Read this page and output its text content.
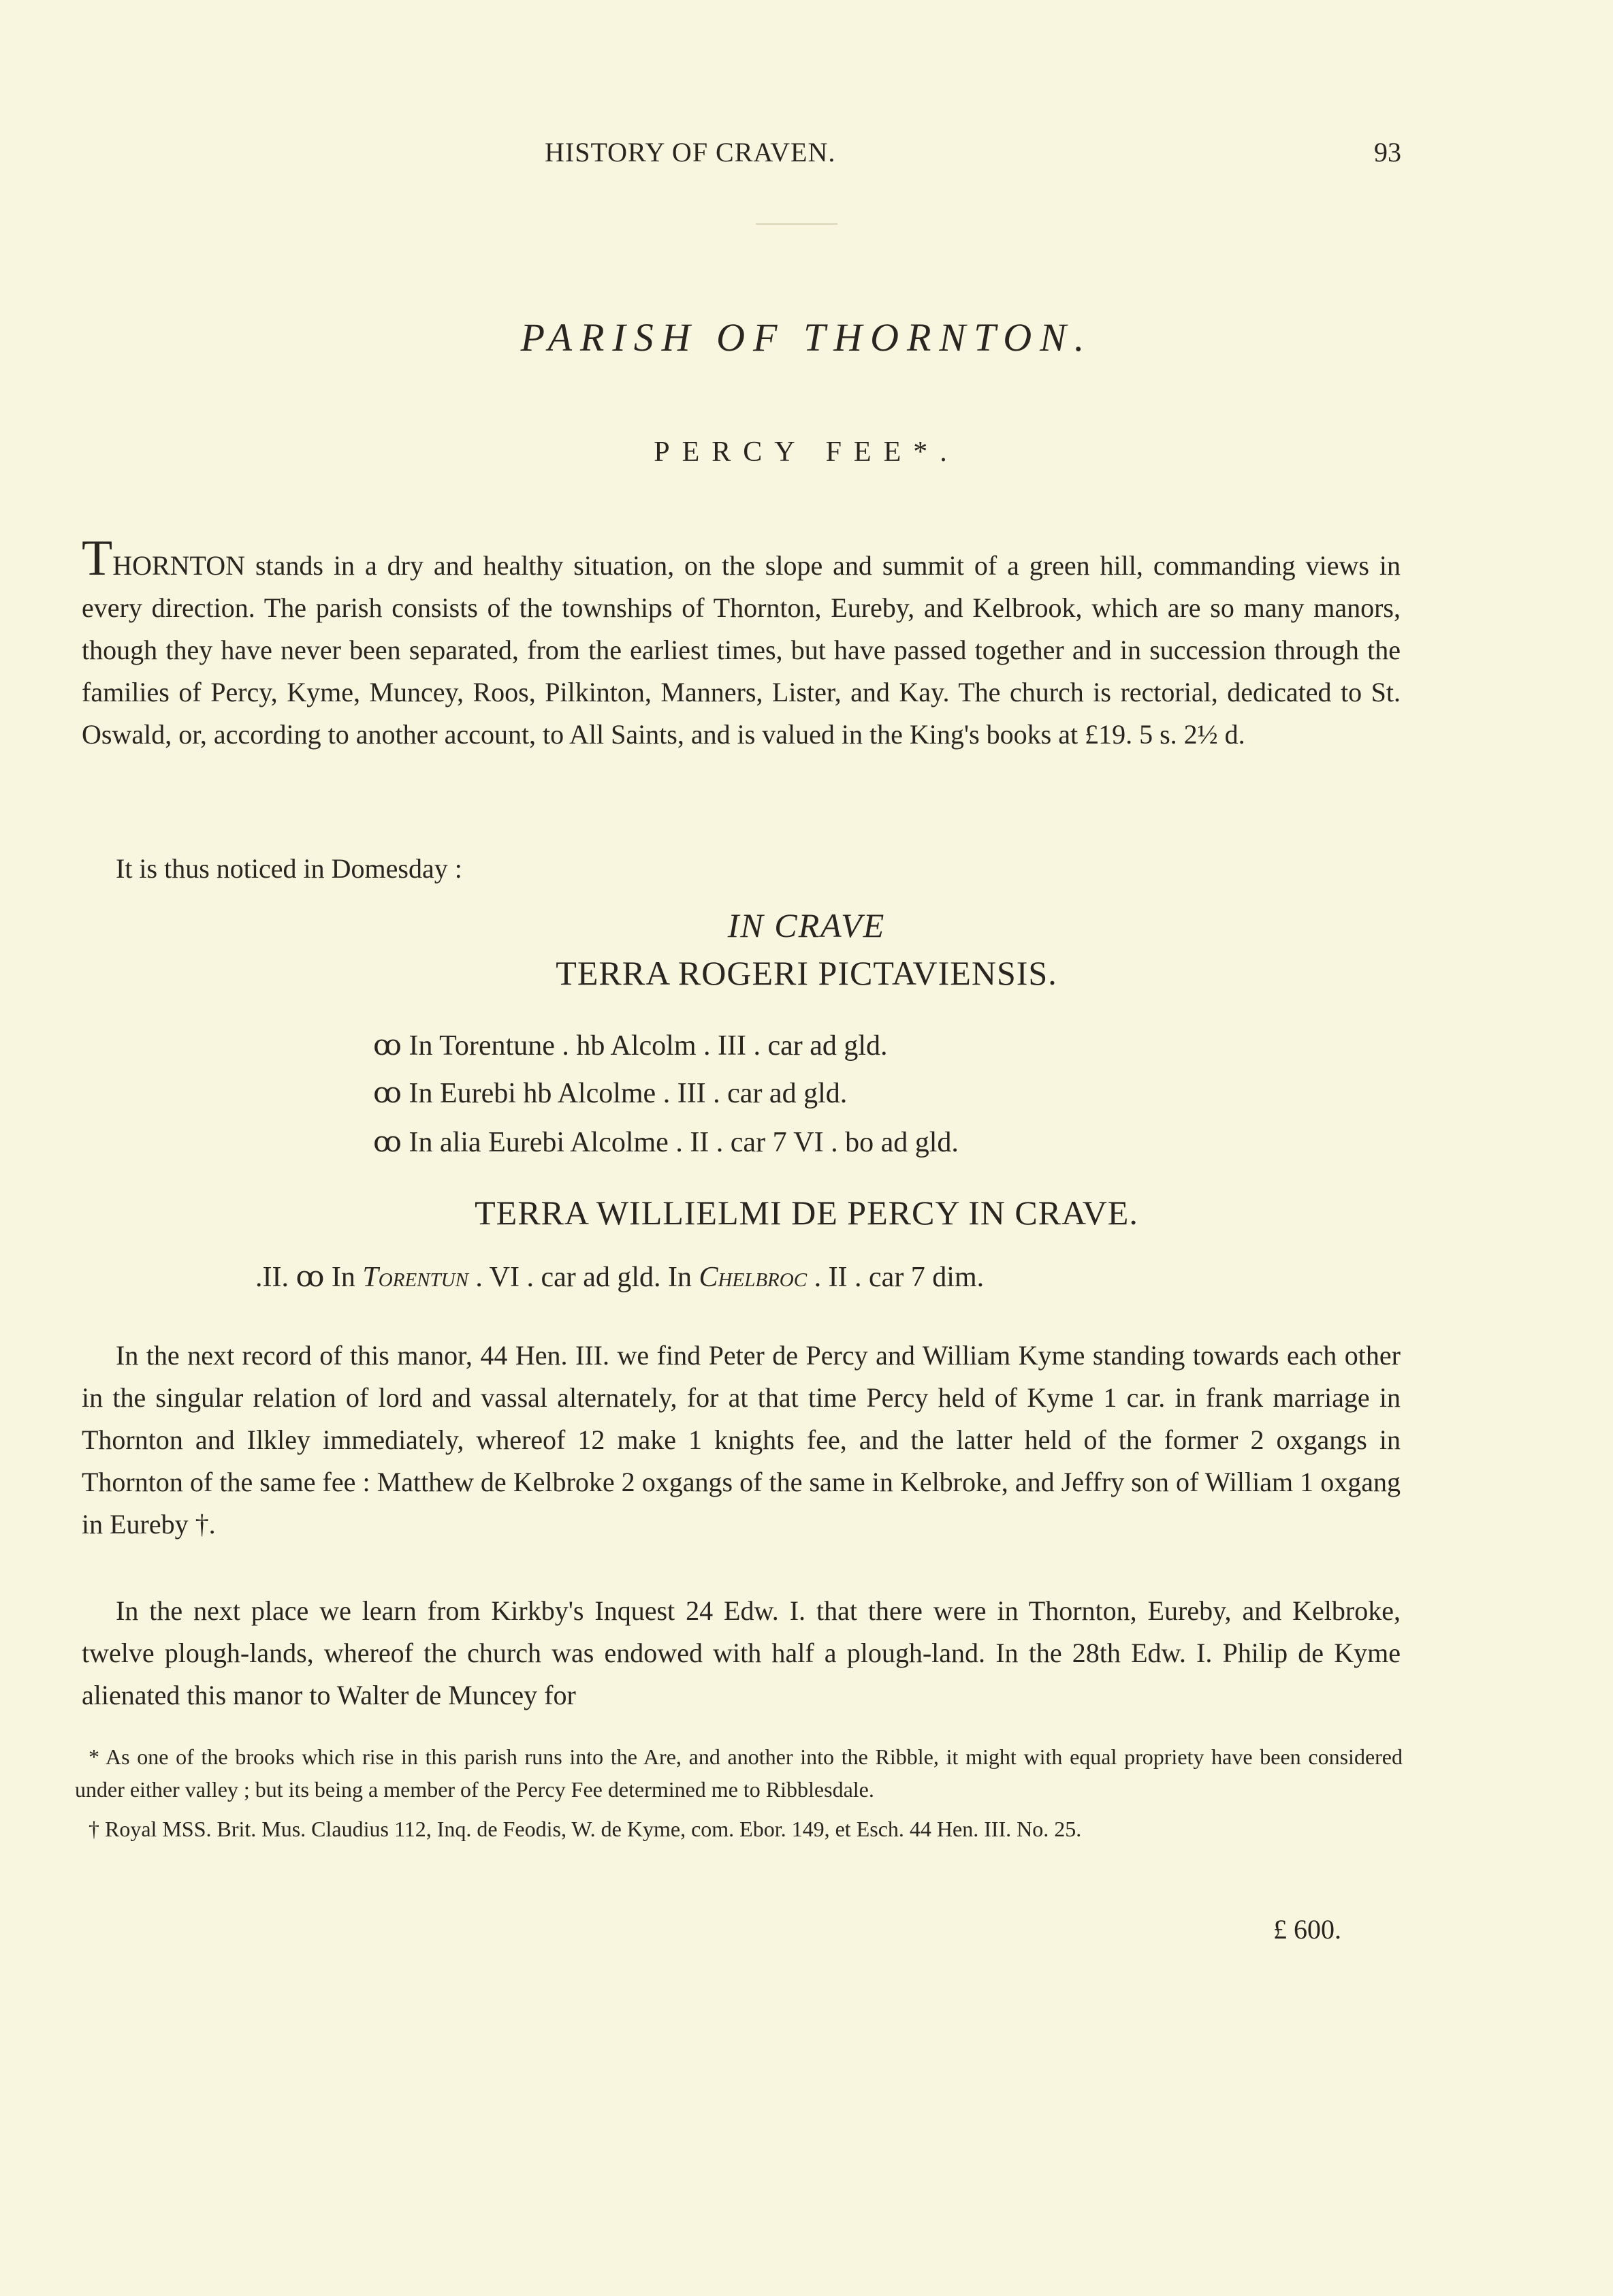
HISTORY OF CRAVEN.	93
PARISH OF THORNTON.
PERCY FEE*.
THORNTON stands in a dry and healthy situation, on the slope and summit of a green hill, commanding views in every direction. The parish consists of the townships of Thornton, Eureby, and Kelbrook, which are so many manors, though they have never been separated, from the earliest times, but have passed together and in succession through the families of Percy, Kyme, Muncey, Roos, Pilkinton, Manners, Lister, and Kay. The church is rectorial, dedicated to St. Oswald, or, according to another account, to All Saints, and is valued in the King's books at £19. 5 s. 2½ d.
It is thus noticed in Domesday :
IN CRAVE
TERRA ROGERI PICTAVIENSIS.
ꝏ In Torentune . hb Alcolm . III . car ad gld.
ꝏ In Eurebi hb Alcolme . III . car ad gld.
ꝏ In alia Eurebi Alcolme . II . car 7 VI . bo ad gld.
TERRA WILLIELMI DE PERCY IN CRAVE.
.II. ꝏ In Torentun . VI . car ad gld. In Chelbroc . II . car 7 dim.
In the next record of this manor, 44 Hen. III. we find Peter de Percy and William Kyme standing towards each other in the singular relation of lord and vassal alternately, for at that time Percy held of Kyme 1 car. in frank marriage in Thornton and Ilkley immediately, whereof 12 make 1 knights fee, and the latter held of the former 2 oxgangs in Thornton of the same fee : Matthew de Kelbroke 2 oxgangs of the same in Kelbroke, and Jeffry son of William 1 oxgang in Eureby †.
In the next place we learn from Kirkby's Inquest 24 Edw. I. that there were in Thornton, Eureby, and Kelbroke, twelve plough-lands, whereof the church was endowed with half a plough-land. In the 28th Edw. I. Philip de Kyme alienated this manor to Walter de Muncey for
* As one of the brooks which rise in this parish runs into the Are, and another into the Ribble, it might with equal propriety have been considered under either valley ; but its being a member of the Percy Fee determined me to Ribblesdale.
† Royal MSS. Brit. Mus. Claudius 112, Inq. de Feodis, W. de Kyme, com. Ebor. 149, et Esch. 44 Hen. III. No. 25.
£ 600.
